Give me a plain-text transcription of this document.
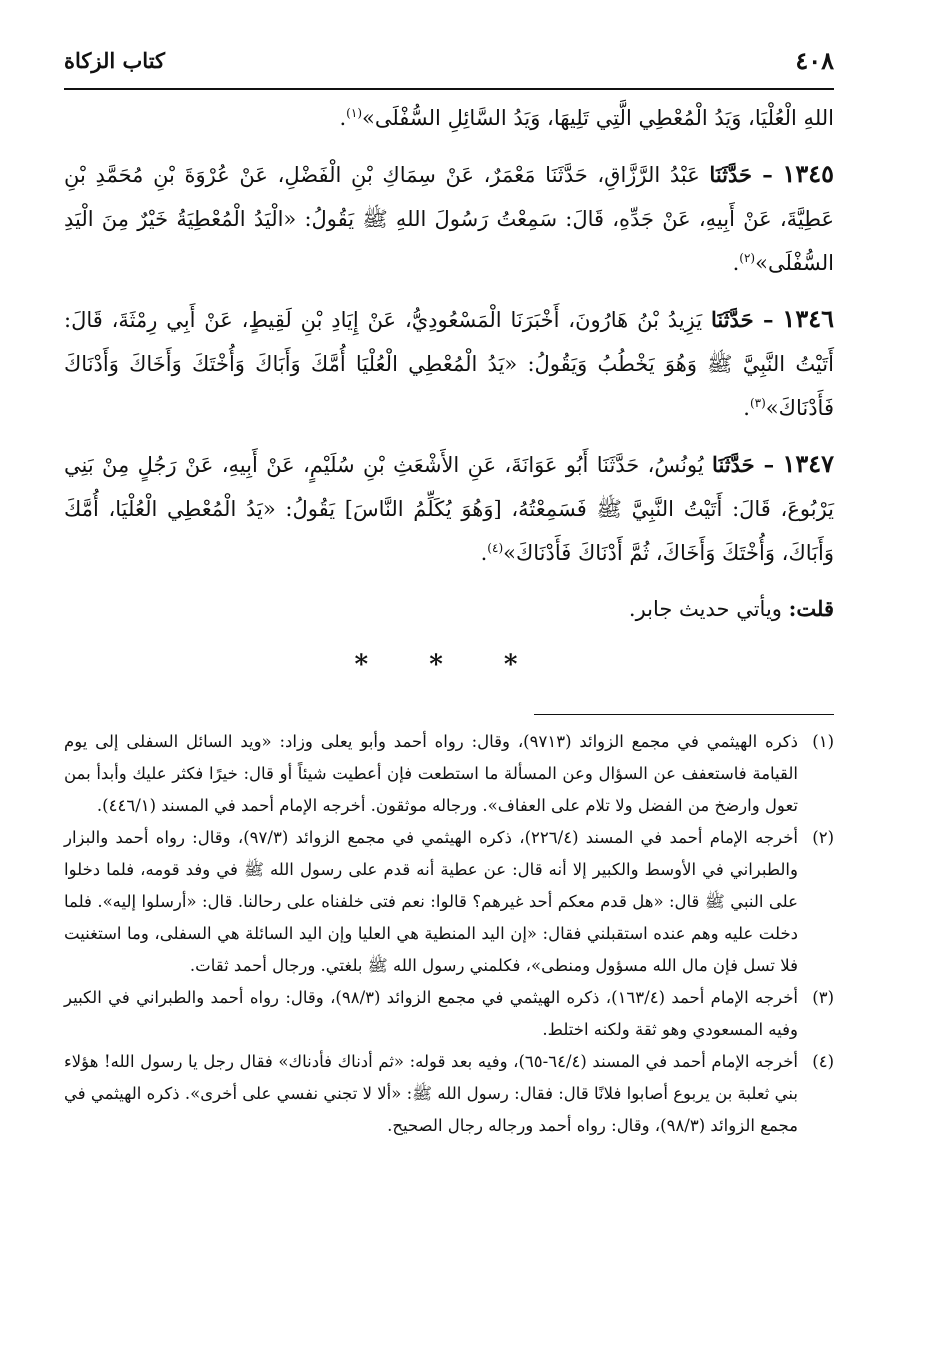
٤٠٨
كتاب الزكاة

اللهِ الْعُلْيَا، وَيَدُ الْمُعْطِي الَّتِي تَلِيهَا، وَيَدُ السَّائِلِ السُّفْلَى»$^{(١)}$.

١٣٤٥ – حَدَّثَنَا عَبْدُ الرَّزَّاقِ، حَدَّثَنَا مَعْمَرٌ، عَنْ سِمَاكِ بْنِ الْفَضْلِ، عَنْ عُرْوَةَ بْنِ مُحَمَّدِ بْنِ عَطِيَّةَ، عَنْ أَبِيهِ، عَنْ جَدِّهِ، قَالَ: سَمِعْتُ رَسُولَ اللهِ ﷺ يَقُولُ: «الْيَدُ الْمُعْطِيَةُ خَيْرٌ مِنَ الْيَدِ السُّفْلَى»$^{(٢)}$.

١٣٤٦ – حَدَّثَنَا يَزِيدُ بْنُ هَارُونَ، أَخْبَرَنَا الْمَسْعُودِيُّ، عَنْ إِيَادِ بْنِ لَقِيطٍ، عَنْ أَبِي رِمْثَةَ، قَالَ: أَتَيْتُ النَّبِيَّ ﷺ وَهُوَ يَخْطُبُ وَيَقُولُ: «يَدُ الْمُعْطِي الْعُلْيَا أُمَّكَ وَأَبَاكَ وَأُخْتَكَ وَأَخَاكَ وَأَدْنَاكَ فَأَدْنَاكَ»$^{(٣)}$.

١٣٤٧ – حَدَّثَنَا يُونُسُ، حَدَّثَنَا أَبُو عَوَانَةَ، عَنِ الأَشْعَثِ بْنِ سُلَيْمٍ، عَنْ أَبِيهِ، عَنْ رَجُلٍ مِنْ بَنِي يَرْبُوعَ، قَالَ: أَتَيْتُ النَّبِيَّ ﷺ فَسَمِعْتُهُ، [وَهُوَ يُكَلِّمُ النَّاسَ] يَقُولُ: «يَدُ الْمُعْطِي الْعُلْيَا، أُمَّكَ وَأَبَاكَ، وَأُخْتَكَ وَأَخَاكَ، ثُمَّ أَدْنَاكَ فَأَدْنَاكَ»$^{(٤)}$.

قلت: ويأتي حديث جابر.

* * *

(١)
ذكره الهيثمي في مجمع الزوائد (٩٧١٣)، وقال: رواه أحمد وأبو يعلى وزاد: «ويد السائل السفلى إلى يوم القيامة فاستعفف عن السؤال وعن المسألة ما استطعت فإن أعطيت شيئاً أو قال: خيرًا فكثر عليك وأبدأ بمن تعول وارضخ من الفضل ولا تلام على العفاف». ورجاله موثقون. أخرجه الإمام أحمد في المسند (٤٤٦/١).

(٢)
أخرجه الإمام أحمد في المسند (٢٢٦/٤)، ذكره الهيثمي في مجمع الزوائد (٩٧/٣)، وقال: رواه أحمد والبزار والطبراني في الأوسط والكبير إلا أنه قال: عن عطية أنه قدم على رسول الله ﷺ في وفد قومه، فلما دخلوا على النبي ﷺ قال: «هل قدم معكم أحد غيرهم؟ قالوا: نعم فتى خلفناه على رحالنا. قال: «أرسلوا إليه». فلما دخلت عليه وهم عنده استقبلني فقال: «إن اليد المنطية هي العليا وإن اليد السائلة هي السفلى، وما استغنيت فلا تسل فإن مال الله مسؤول ومنطى»، فكلمني رسول الله ﷺ بلغتي. ورجال أحمد ثقات.

(٣)
أخرجه الإمام أحمد (١٦٣/٤)، ذكره الهيثمي في مجمع الزوائد (٩٨/٣)، وقال: رواه أحمد والطبراني في الكبير وفيه المسعودي وهو ثقة ولكنه اختلط.

(٤)
أخرجه الإمام أحمد في المسند (٦٤/٤-٦٥)، وفيه بعد قوله: «ثم أدناك فأدناك» فقال رجل يا رسول الله! هؤلاء بني ثعلبة بن يربوع أصابوا فلانًا قال: فقال: رسول الله ﷺ: «ألا لا تجني نفسي على أخرى». ذكره الهيثمي في مجمع الزوائد (٩٨/٣)، وقال: رواه أحمد ورجاله رجال الصحيح.
